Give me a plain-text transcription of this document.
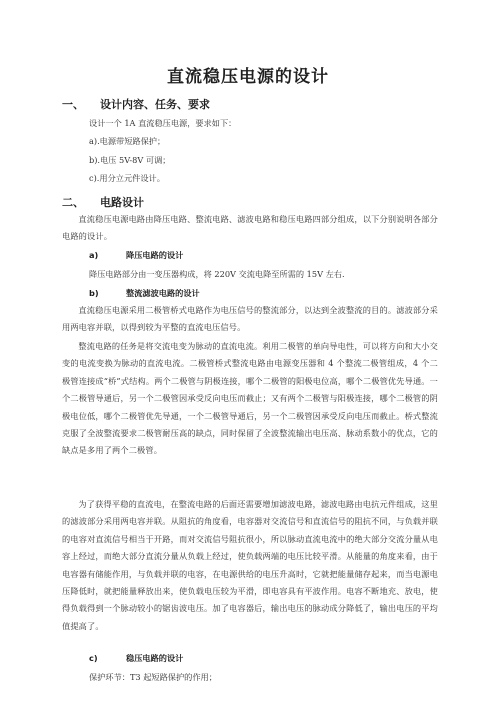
直流稳压电源的设计
一、 设计内容、任务、要求
设计一个 1A 直流稳压电源，要求如下：
a).电源带短路保护；
b).电压 5V-8V 可调；
c).用分立元件设计。
二、 电路设计
直流稳压电源电路由降压电路、整流电路、滤波电路和稳压电路四部分组成，以下分别说明各部分电路的设计。
a)	降压电路的设计
降压电路部分由一变压器构成，将 220V 交流电降至所需的 15V 左右.
b)	整流滤波电路的设计
直流稳压电源采用二极管桥式电路作为电压信号的整流部分，以达到全波整流的目的。滤波部分采用两电容并联，以得到较为平整的直流电压信号。
整流电路的任务是将交流电变为脉动的直流电流。利用二极管的单向导电性，可以将方向和大小交变的电流变换为脉动的直流电流。二极管桥式整流电路由电源变压器和 4 个整流二极管组成，4 个二极管连接成“桥”式结构。两个二极管与阴极连接，哪个二极管的阳极电位高，哪个二极管优先导通。一个二极管导通后，另一个二极管因承受反向电压而截止；又有两个二极管与阳极连接，哪个二极管的阴极电位低，哪个二极管优先导通，一个二极管导通后，另一个二极管因承受反向电压而截止。桥式整流克服了全波整流要求二极管耐压高的缺点，同时保留了全波整流输出电压高、脉动系数小的优点，它的缺点是多用了两个二极管。
为了获得平稳的直流电，在整流电路的后面还需要增加滤波电路，滤波电路由电抗元件组成，这里的滤波部分采用两电容并联。从阻抗的角度看，电容器对交流信号和直流信号的阻抗不同，与负载并联的电容对直流信号相当于开路，而对交流信号阻抗很小，所以脉动直流电流中的绝大部分交流分量从电容上经过，而绝大部分直流分量从负载上经过，使负载两端的电压比较平滑。从能量的角度来看，由于电容器有储能作用，与负载并联的电容，在电源供给的电压升高时，它就把能量储存起来，而当电源电压降低时，就把能量释放出来，使负载电压较为平滑，即电容具有平波作用。电容不断地充、放电，使得负载得到一个脉动较小的锯齿波电压。加了电容器后，输出电压的脉动成分降低了，输出电压的平均值提高了。
c)	稳压电路的设计
保护环节：T3 起短路保护的作用；
